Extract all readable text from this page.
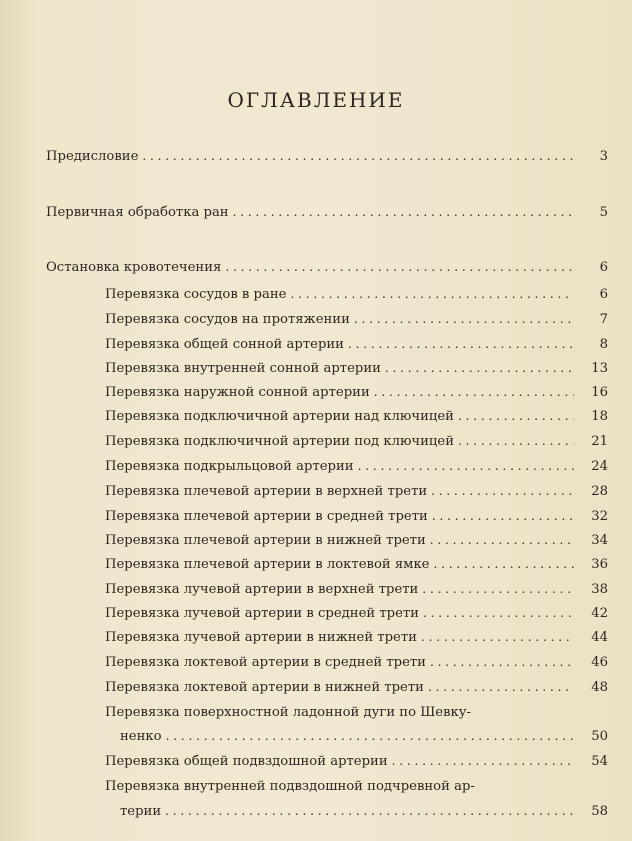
ОГЛАВЛЕНИЕ
Предисловие . . .	3
Первичная обработка ран . . .	5
Остановка кровотечения . . .	6
Перевязка сосудов в ране . . .	6
Перевязка сосудов на протяжении . . .	7
Перевязка общей сонной артерии . . .	8
Перевязка внутренней сонной артерии . . .	13
Перевязка наружной сонной артерии . . .	16
Перевязка подключичной артерии над ключицей . . .	18
Перевязка подключичной артерии под ключицей . . .	21
Перевязка подкрыльцовой артерии . . .	24
Перевязка плечевой артерии в верхней трети . . .	28
Перевязка плечевой артерии в средней трети . . .	32
Перевязка плечевой артерии в нижней трети . . .	34
Перевязка плечевой артерии в локтевой ямке . . .	36
Перевязка лучевой артерии в верхней трети . . .	38
Перевязка лучевой артерии в средней трети . . .	42
Перевязка лучевой артерии в нижней трети . . .	44
Перевязка локтевой артерии в средней трети . . .	46
Перевязка локтевой артерии в нижней трети . . .	48
Перевязка поверхностной ладонной дуги по Шевку-
ненко . . .	50
Перевязка общей подвздошной артерии . . .	54
Перевязка внутренней подвздошной подчревной ар-
терии . . .	58
